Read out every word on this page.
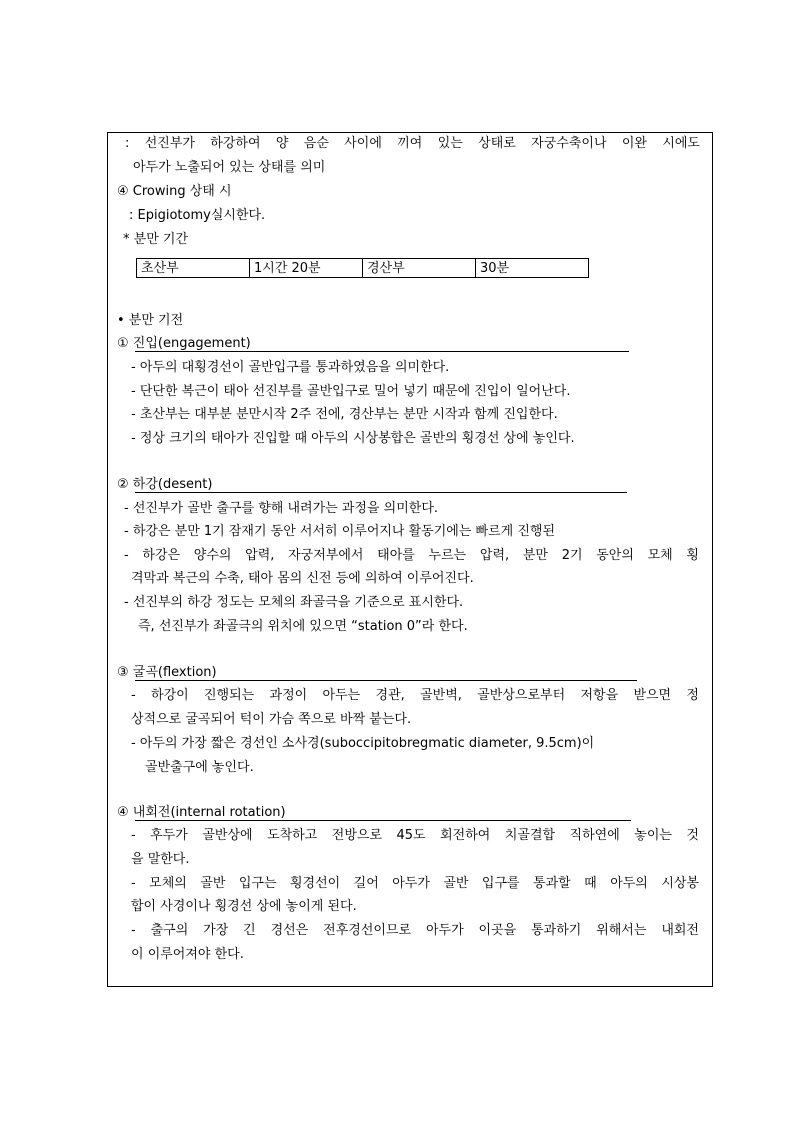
: 선진부가 하강하여 양 음순 사이에 끼여 있는 상태로 자궁수축이나 이완 시에도
아두가 노출되어 있는 상태를 의미
④ Crowing 상태 시
: Epigiotomy실시한다.
* 분만 기간
초산부	1시간 20분	경산부	30분
• 분만 기전
① 진입(engagement)
- 아두의 대횡경선이 골반입구를 통과하였음을 의미한다.
- 단단한 복근이 태아 선진부를 골반입구로 밀어 넣기 때문에 진입이 일어난다.
- 초산부는 대부분 분만시작 2주 전에, 경산부는 분만 시작과 함께 진입한다.
- 정상 크기의 태아가 진입할 때 아두의 시상봉합은 골반의 횡경선 상에 놓인다.
② 하강(desent)
- 선진부가 골반 출구를 향해 내려가는 과정을 의미한다.
- 하강은 분만 1기 잠재기 동안 서서히 이루어지나 활동기에는 빠르게 진행된
- 하강은 양수의 압력, 자궁저부에서 태아를 누르는 압력, 분만 2기 동안의 모체 횡
격막과 복근의 수축, 태아 몸의 신전 등에 의하여 이루어진다.
- 선진부의 하강 정도는 모체의 좌골극을 기준으로 표시한다.
즉, 선진부가 좌골극의 위치에 있으면 “station 0”라 한다.
③ 굴곡(flextion)
- 하강이 진행되는 과정이 아두는 경관, 골반벽, 골반상으로부터 저항을 받으면 정
상적으로 굴곡되어 턱이 가슴 쪽으로 바짝 붙는다.
- 아두의 가장 짧은 경선인 소사경(suboccipitobregmatic diameter, 9.5cm)이
골반출구에 놓인다.
④ 내회전(internal rotation)
- 후두가 골반상에 도착하고 전방으로 45도 회전하여 치골결합 직하연에 놓이는 것
을 말한다.
- 모체의 골반 입구는 횡경선이 길어 아두가 골반 입구를 통과할 때 아두의 시상봉
합이 사경이나 횡경선 상에 놓이게 된다.
- 출구의 가장 긴 경선은 전후경선이므로 아두가 이곳을 통과하기 위해서는 내회전
이 이루어져야 한다.
